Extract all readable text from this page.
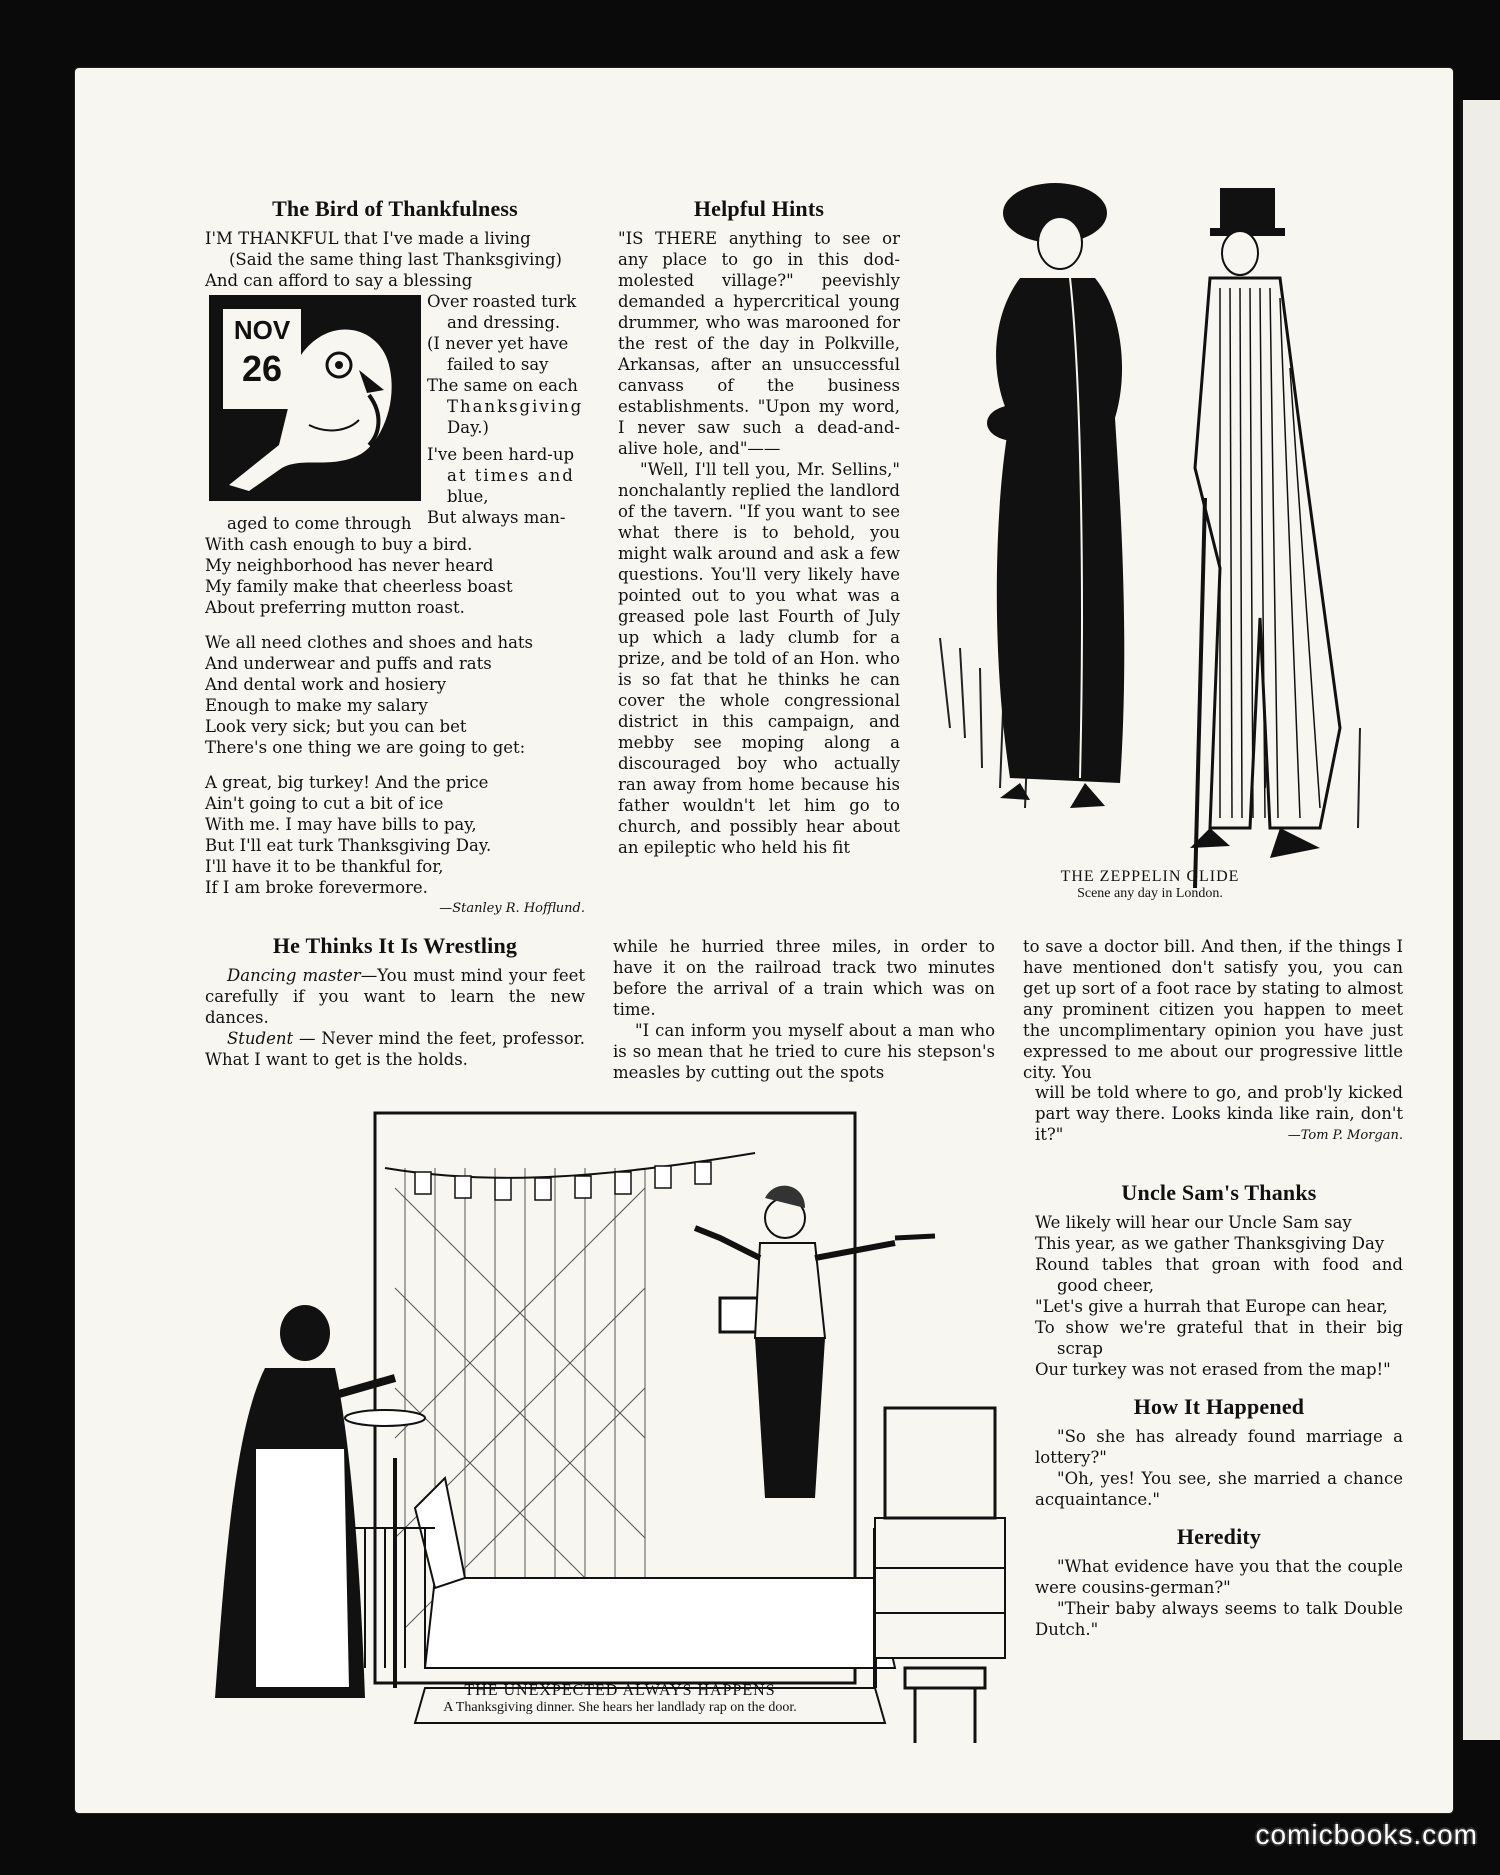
The Bird of Thankfulness

I'M THANKFUL that I've made a living

(Said the same thing last Thanksgiving)

And can afford to say a blessing

NOV
26

Over roasted turk

and dressing.

(I never yet have

failed to say

The same on each

Thanksgiving

Day.)

I've been hard-up

at times and

blue,

But always man-

aged to come through

With cash enough to buy a bird.

My neighborhood has never heard

My family make that cheerless boast

About preferring mutton roast.

We all need clothes and shoes and hats

And underwear and puffs and rats

And dental work and hosiery

Enough to make my salary

Look very sick; but you can bet

There's one thing we are going to get:

A great, big turkey! And the price

Ain't going to cut a bit of ice

With me. I may have bills to pay,

But I'll eat turk Thanksgiving Day.

I'll have it to be thankful for,

If I am broke forevermore.

—Stanley R. Hofflund.

He Thinks It Is Wrestling

Dancing master—You must mind your feet carefully if you want to learn the new dances.

Student — Never mind the feet, professor. What I want to get is the holds.

Helpful Hints

"IS THERE anything to see or any place to go in this dod-molested village?" peevishly demanded a hypercritical young drummer, who was marooned for the rest of the day in Polkville, Arkansas, after an unsuccessful canvass of the business establishments. "Upon my word, I never saw such a dead-and-alive hole, and"——

"Well, I'll tell you, Mr. Sellins," nonchalantly replied the landlord of the tavern. "If you want to see what there is to behold, you might walk around and ask a few questions. You'll very likely have pointed out to you what was a greased pole last Fourth of July up which a lady clumb for a prize, and be told of an Hon. who is so fat that he thinks he can cover the whole congressional district in this campaign, and mebby see moping along a discouraged boy who actually ran away from home because his father wouldn't let him go to church, and possibly hear about an epileptic who held his fit

while he hurried three miles, in order to have it on the railroad track two minutes before the arrival of a train which was on time.

"I can inform you myself about a man who is so mean that he tried to cure his stepson's measles by cutting out the spots

THE ZEPPELIN GLIDE
Scene any day in London.

to save a doctor bill. And then, if the things I have mentioned don't satisfy you, you can get up sort of a foot race by stating to almost any prominent citizen you happen to meet the uncomplimentary opinion you have just expressed to me about our progressive little city. You

will be told where to go, and prob'ly kicked part way there. Looks kinda like rain, don't it?"	—Tom P. Morgan.

Uncle Sam's Thanks

We likely will hear our Uncle Sam say

This year, as we gather Thanksgiving Day

Round tables that groan with food and good cheer,

"Let's give a hurrah that Europe can hear,

To show we're grateful that in their big scrap

Our turkey was not erased from the map!"

How It Happened

"So she has already found marriage a lottery?"

"Oh, yes! You see, she married a chance acquaintance."

Heredity

"What evidence have you that the couple were cousins-german?"

"Their baby always seems to talk Double Dutch."

THE UNEXPECTED ALWAYS HAPPENS
A Thanksgiving dinner. She hears her landlady rap on the door.
comicbooks.com
